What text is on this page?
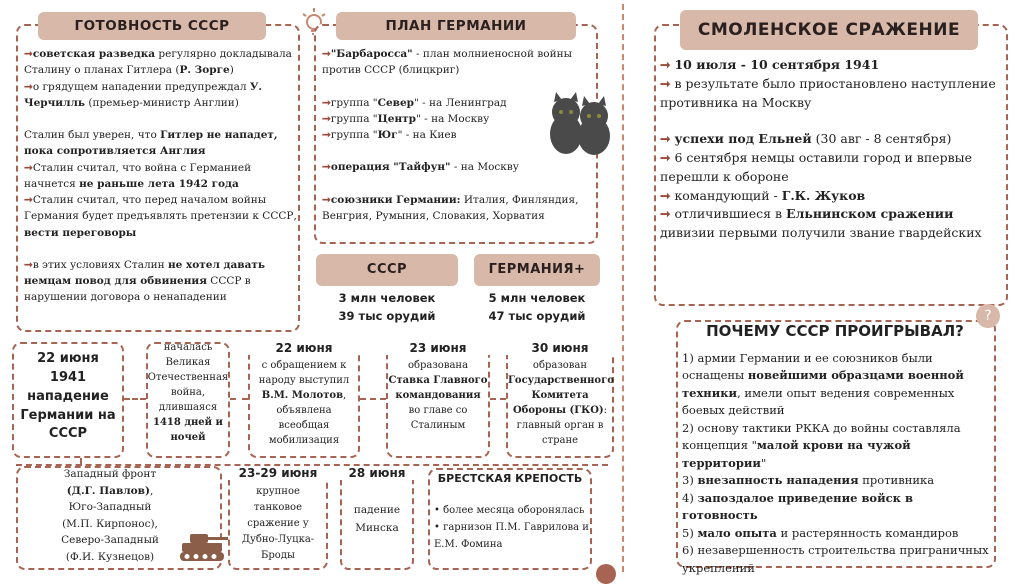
ГОТОВНОСТЬ СССР
➞советская разведка регулярно докладывала Сталину о планах Гитлера (Р. Зорге)
➞о грядущем нападении предупреждал У. Черчилль (премьер-министр Англии)
Сталин был уверен, что Гитлер не нападет, пока сопротивляется Англия
➞Сталин считал, что война с Германией начнется не раньше лета 1942 года
➞Сталин считал, что перед началом войны Германия будет предъявлять претензии к СССР, вести переговоры
➞в этих условиях Сталин не хотел давать немцам повод для обвинения СССР в нарушении договора о ненападении
ПЛАН ГЕРМАНИИ
➞"Барбаросса" - план молниеносной войны против СССР (блицкриг)
➞группа "Север" - на Ленинград
➞группа "Центр" - на Москву
➞группа "Юг" - на Киев
➞операция "Тайфун" - на Москву
➞союзники Германии: Италия, Финляндия, Венгрия, Румыния, Словакия, Хорватия
СССР
3 млн человек
39 тыс орудий
ГЕРМАНИЯ+
5 млн человек
47 тыс орудий
22 июня 1941 нападение Германии на СССР
началась Великая Отечественная война, длившаяся 1418 дней и ночей
22 июня
с обращением к народу выступил В.М. Молотов, объявлена всеобщая мобилизация
23 июня
образована Ставка Главного командования во главе со Сталиным
30 июня
образован Государственного Комитета Обороны (ГКО): главный орган в стране
Западный фронт
(Д.Г. Павлов),
Юго-Западный
(М.П. Кирпонос),
Северо-Западный
(Ф.И. Кузнецов)
23-29 июня
крупное танковое сражение у Дубно-Луцка-Броды
28 июня
падение Минска
БРЕСТСКАЯ КРЕПОСТЬ
• более месяца оборонялась
• гарнизон П.М. Гаврилова и Е.М. Фомина
СМОЛЕНСКОЕ СРАЖЕНИЕ
➞ 10 июля - 10 сентября 1941
➞ в результате было приостановлено наступление противника на Москву
➞ успехи под Ельней (30 авг - 8 сентября)
➞ 6 сентября немцы оставили город и впервые перешли к обороне
➞ командующий - Г.К. Жуков
➞ отличившиеся в Ельнинском сражении дивизии первыми получили звание гвардейских
ПОЧЕМУ СССР ПРОИГРЫВАЛ?
?
1) армии Германии и ее союзников были оснащены новейшими образцами военной техники, имели опыт ведения современных боевых действий
2) основу тактики РККА до войны составляла концепция "малой крови на чужой территории"
3) внезапность нападения противника
4) запоздалое приведение войск в готовность
5) мало опыта и растерянность командиров
6) незавершенность строительства приграничных укреплений
